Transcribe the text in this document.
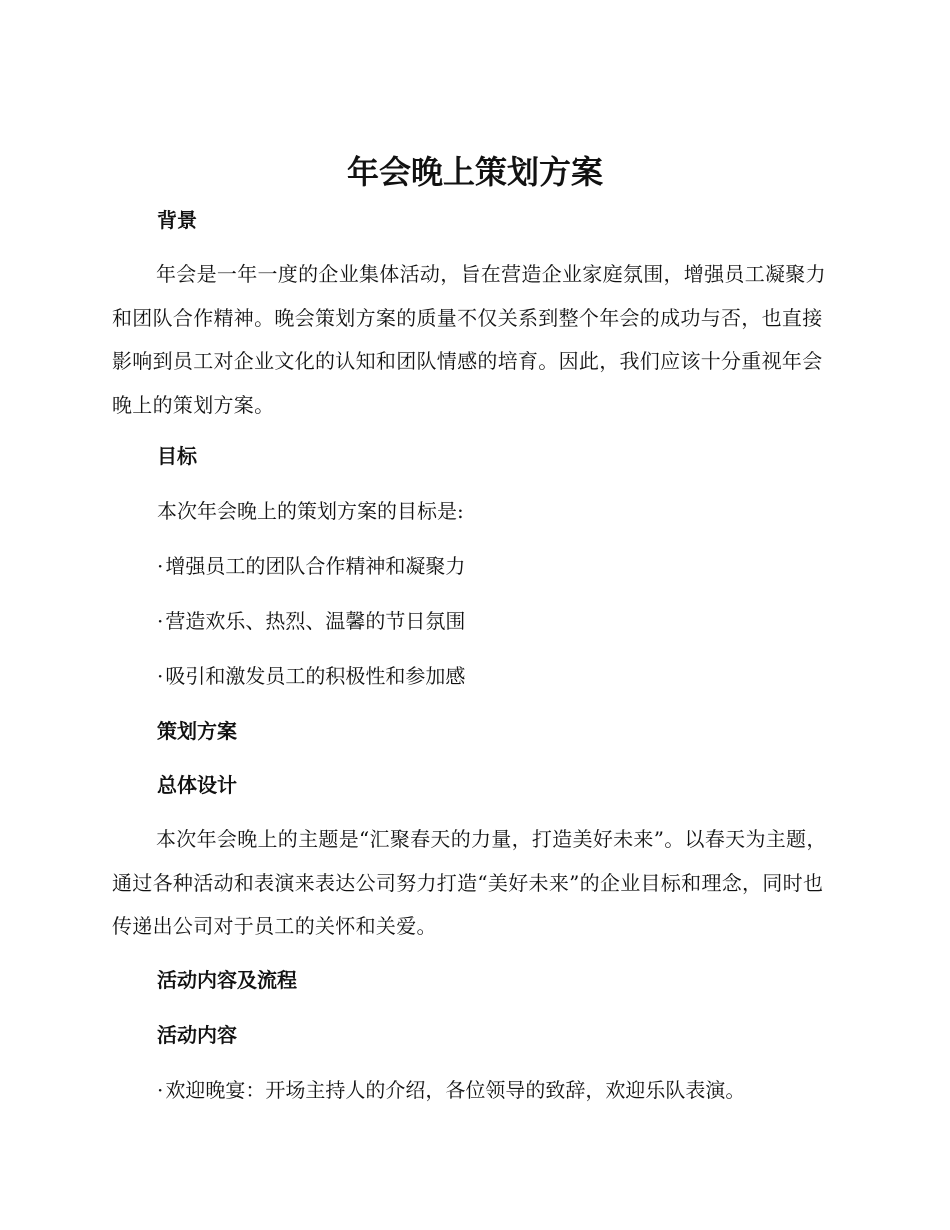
年会晚上策划方案
背景

年会是一年一度的企业集体活动，旨在营造企业家庭氛围，增强员工凝聚力和团队合作精神。晚会策划方案的质量不仅关系到整个年会的成功与否，也直接影响到员工对企业文化的认知和团队情感的培育。因此，我们应该十分重视年会晚上的策划方案。

目标

本次年会晚上的策划方案的目标是:

· 增强员工的团队合作精神和凝聚力

· 营造欢乐、热烈、温馨的节日氛围

· 吸引和激发员工的积极性和参加感

策划方案
总体设计

本次年会晚上的主题是“汇聚春天的力量，打造美好未来”。以春天为主题，通过各种活动和表演来表达公司努力打造“美好未来”的企业目标和理念，同时也传递出公司对于员工的关怀和关爱。

活动内容及流程
活动内容

· 欢迎晚宴：开场主持人的介绍，各位领导的致辞，欢迎乐队表演。
